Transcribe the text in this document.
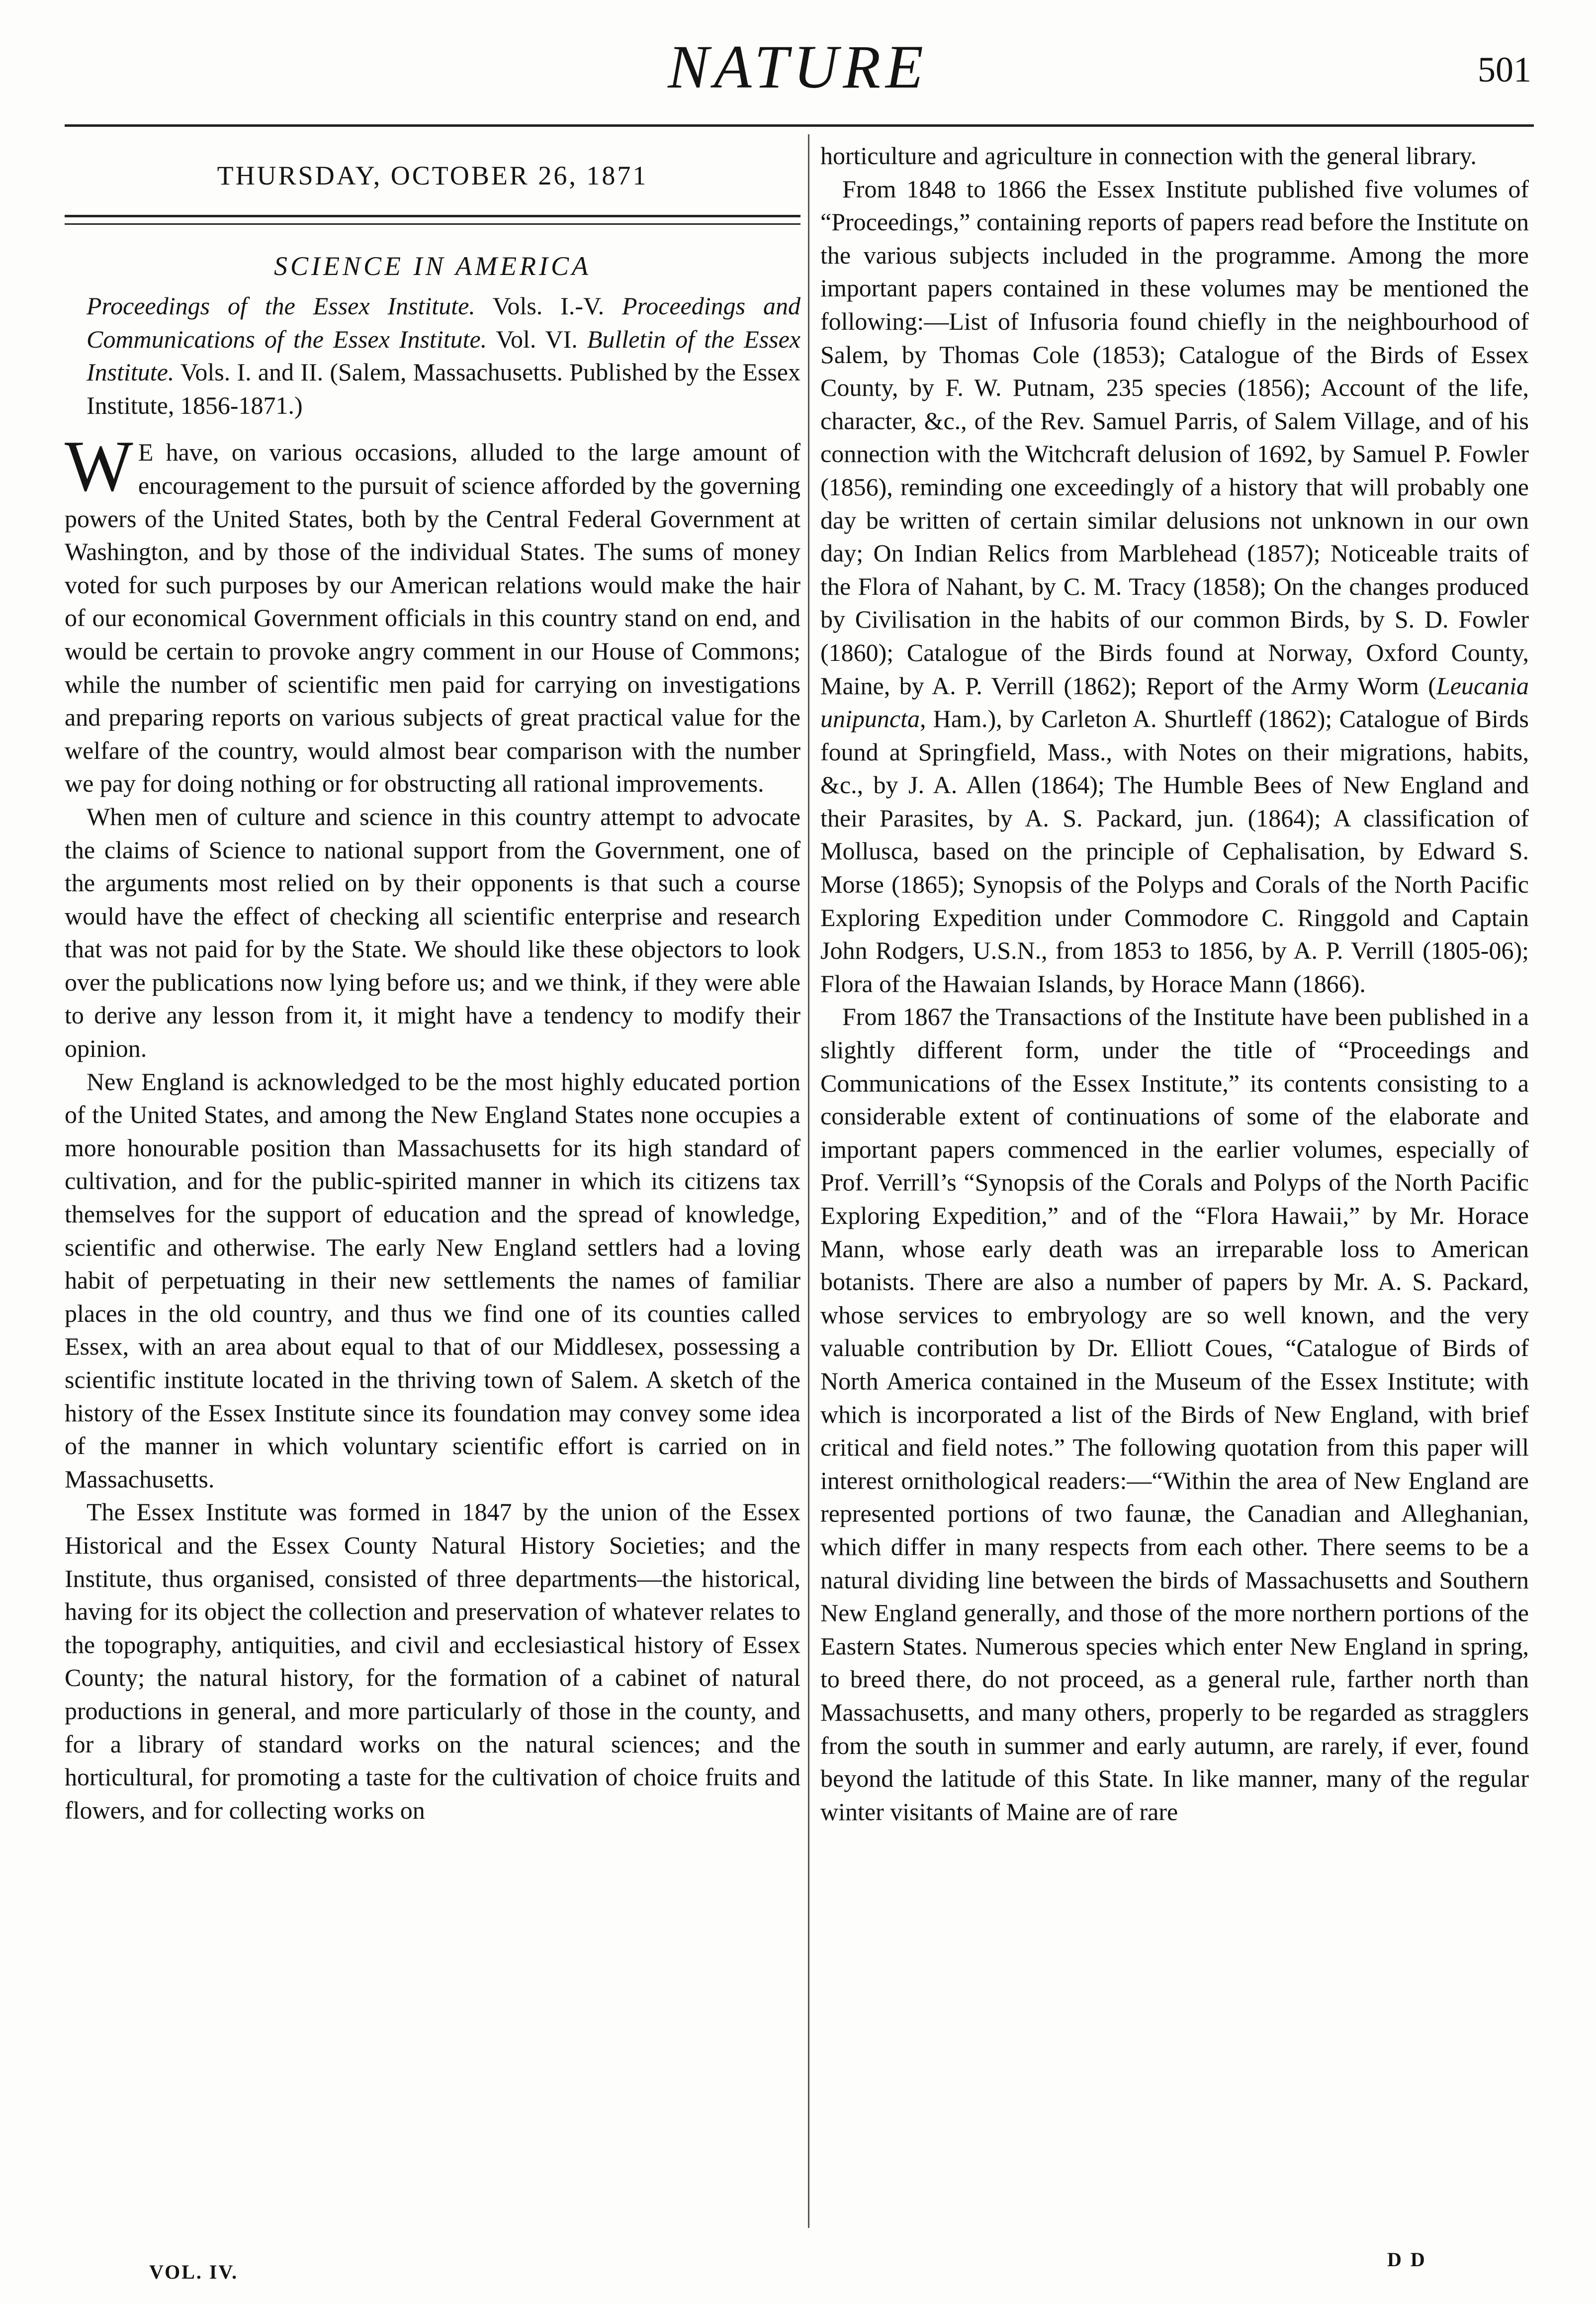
NATURE	501
THURSDAY, OCTOBER 26, 1871
SCIENCE IN AMERICA
Proceedings of the Essex Institute. Vols. I.-V. Proceedings and Communications of the Essex Institute. Vol. VI. Bulletin of the Essex Institute. Vols. I. and II. (Salem, Massachusetts. Published by the Essex Institute, 1856-1871.)

W E have, on various occasions, alluded to the large amount of encouragement to the pursuit of science afforded by the governing powers of the United States, both by the Central Federal Government at Washington, and by those of the individual States. The sums of money voted for such purposes by our American relations would make the hair of our economical Government officials in this country stand on end, and would be certain to provoke angry comment in our House of Commons; while the number of scientific men paid for carrying on investigations and preparing reports on various subjects of great practical value for the welfare of the country, would almost bear comparison with the number we pay for doing nothing or for obstructing all rational improvements.

When men of culture and science in this country attempt to advocate the claims of Science to national support from the Government, one of the arguments most relied on by their opponents is that such a course would have the effect of checking all scientific enterprise and research that was not paid for by the State. We should like these objectors to look over the publications now lying before us; and we think, if they were able to derive any lesson from it, it might have a tendency to modify their opinion.

New England is acknowledged to be the most highly educated portion of the United States, and among the New England States none occupies a more honourable position than Massachusetts for its high standard of cultivation, and for the public-spirited manner in which its citizens tax themselves for the support of education and the spread of knowledge, scientific and otherwise. The early New England settlers had a loving habit of perpetuating in their new settlements the names of familiar places in the old country, and thus we find one of its counties called Essex, with an area about equal to that of our Middlesex, possessing a scientific institute located in the thriving town of Salem. A sketch of the history of the Essex Institute since its foundation may convey some idea of the manner in which voluntary scientific effort is carried on in Massachusetts.

The Essex Institute was formed in 1847 by the union of the Essex Historical and the Essex County Natural History Societies; and the Institute, thus organised, consisted of three departments—the historical, having for its object the collection and preservation of whatever relates to the topography, antiquities, and civil and ecclesiastical history of Essex County; the natural history, for the formation of a cabinet of natural productions in general, and more particularly of those in the county, and for a library of standard works on the natural sciences; and the horticultural, for promoting a taste for the cultivation of choice fruits and flowers, and for collecting works on

horticulture and agriculture in connection with the general library.

From 1848 to 1866 the Essex Institute published five volumes of “Proceedings,” containing reports of papers read before the Institute on the various subjects included in the programme. Among the more important papers contained in these volumes may be mentioned the following:—List of Infusoria found chiefly in the neighbourhood of Salem, by Thomas Cole (1853); Catalogue of the Birds of Essex County, by F. W. Putnam, 235 species (1856); Account of the life, character, &c., of the Rev. Samuel Parris, of Salem Village, and of his connection with the Witchcraft delusion of 1692, by Samuel P. Fowler (1856), reminding one exceedingly of a history that will probably one day be written of certain similar delusions not unknown in our own day; On Indian Relics from Marblehead (1857); Noticeable traits of the Flora of Nahant, by C. M. Tracy (1858); On the changes produced by Civilisation in the habits of our common Birds, by S. D. Fowler (1860); Catalogue of the Birds found at Norway, Oxford County, Maine, by A. P. Verrill (1862); Report of the Army Worm (Leucania unipuncta, Ham.), by Carleton A. Shurtleff (1862); Catalogue of Birds found at Springfield, Mass., with Notes on their migrations, habits, &c., by J. A. Allen (1864); The Humble Bees of New England and their Parasites, by A. S. Packard, jun. (1864); A classification of Mollusca, based on the principle of Cephalisation, by Edward S. Morse (1865); Synopsis of the Polyps and Corals of the North Pacific Exploring Expedition under Commodore C. Ringgold and Captain John Rodgers, U.S.N., from 1853 to 1856, by A. P. Verrill (1805-06); Flora of the Hawaian Islands, by Horace Mann (1866).

From 1867 the Transactions of the Institute have been published in a slightly different form, under the title of “Proceedings and Communications of the Essex Institute,” its contents consisting to a considerable extent of continuations of some of the elaborate and important papers commenced in the earlier volumes, especially of Prof. Verrill’s “Synopsis of the Corals and Polyps of the North Pacific Exploring Expedition,” and of the “Flora Hawaii,” by Mr. Horace Mann, whose early death was an irreparable loss to American botanists. There are also a number of papers by Mr. A. S. Packard, whose services to embryology are so well known, and the very valuable contribution by Dr. Elliott Coues, “Catalogue of Birds of North America contained in the Museum of the Essex Institute; with which is incorporated a list of the Birds of New England, with brief critical and field notes.” The following quotation from this paper will interest ornithological readers:—“Within the area of New England are represented portions of two faunæ, the Canadian and Alleghanian, which differ in many respects from each other. There seems to be a natural dividing line between the birds of Massachusetts and Southern New England generally, and those of the more northern portions of the Eastern States. Numerous species which enter New England in spring, to breed there, do not proceed, as a general rule, farther north than Massachusetts, and many others, properly to be regarded as stragglers from the south in summer and early autumn, are rarely, if ever, found beyond the latitude of this State. In like manner, many of the regular winter visitants of Maine are of rare

VOL. IV.
D D
